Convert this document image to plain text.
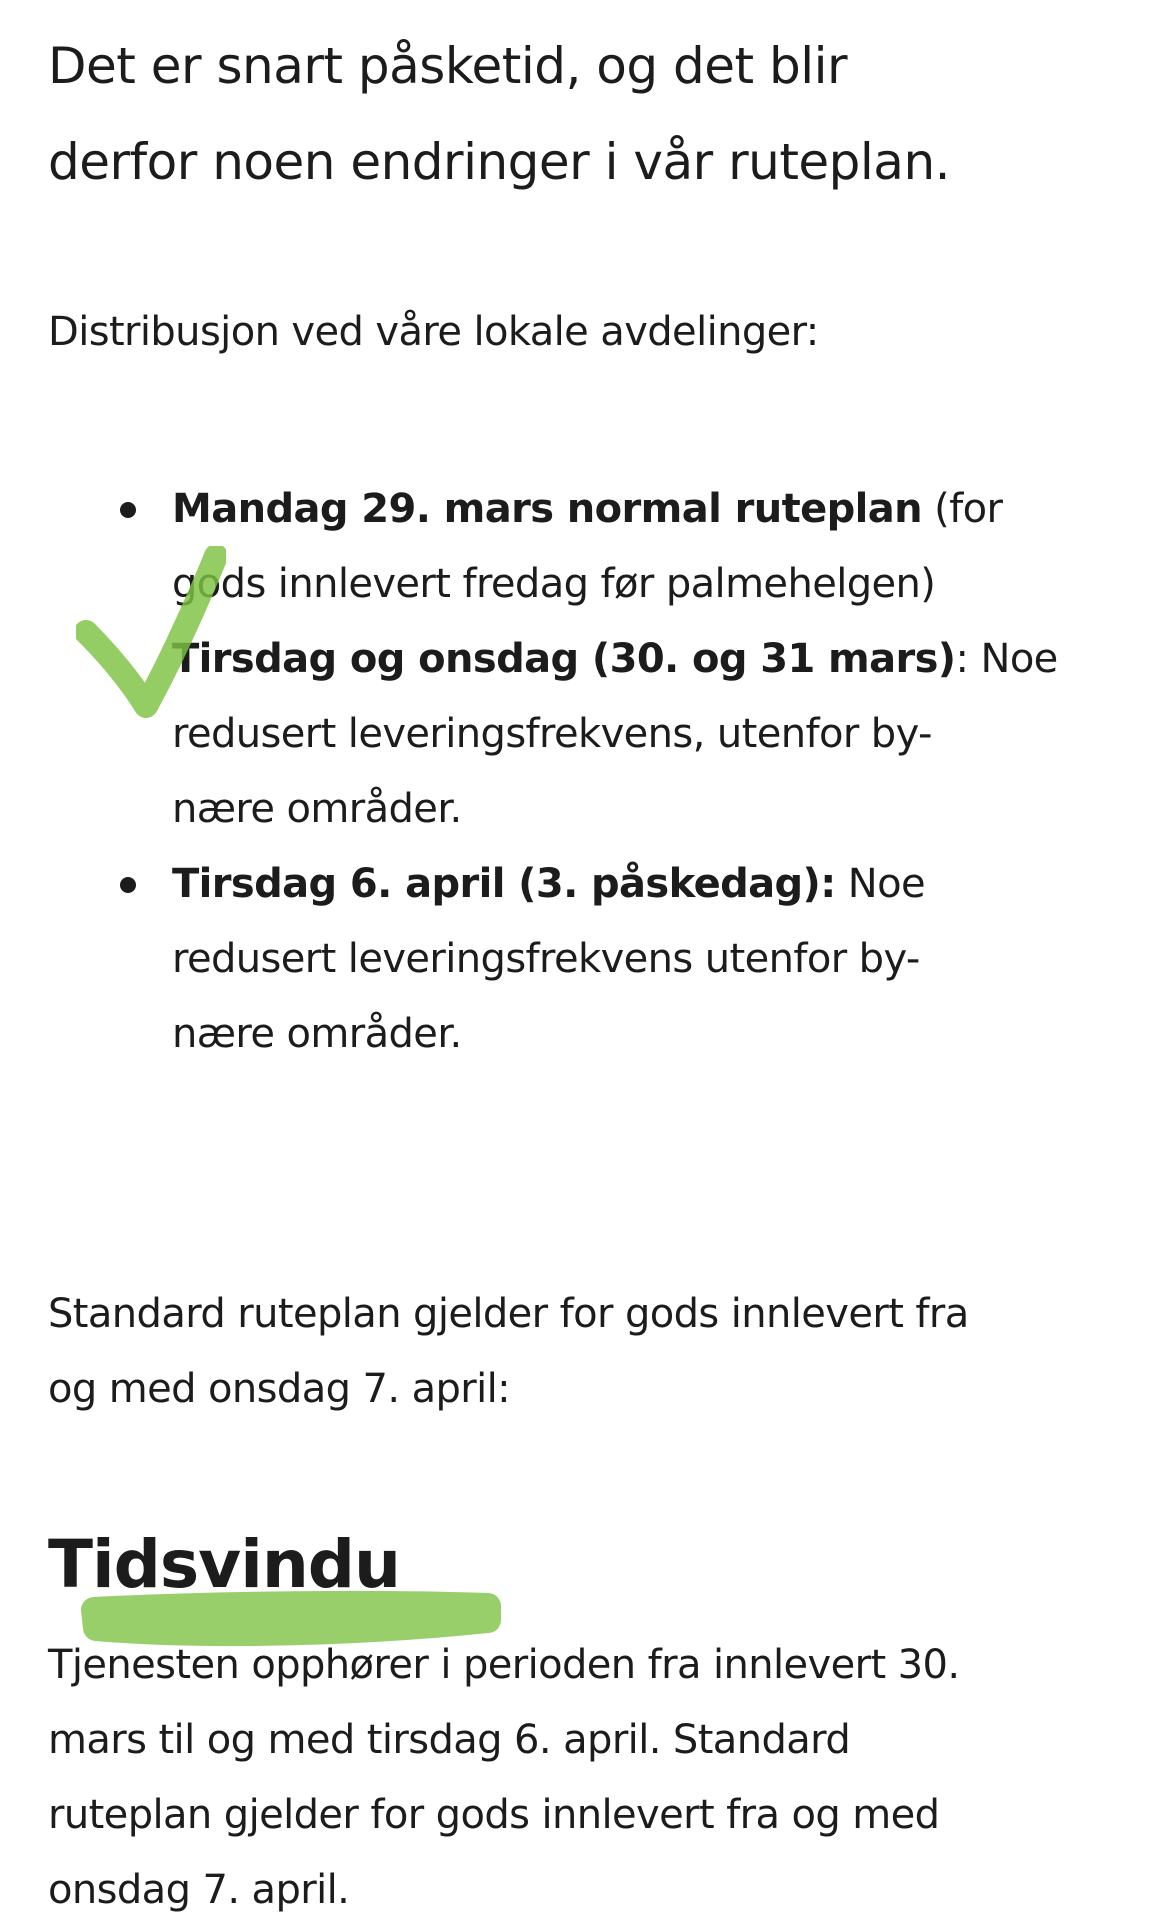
Det er snart påsketid, og det blir
derfor noen endringer i vår ruteplan.

Distribusjon ved våre lokale avdelinger:

Mandag 29. mars normal ruteplan (for
gods innlevert fredag før palmehelgen)
Tirsdag og onsdag (30. og 31 mars): Noe
redusert leveringsfrekvens, utenfor by-
nære områder.
Tirsdag 6. april (3. påskedag): Noe
redusert leveringsfrekvens utenfor by-
nære områder.

Standard ruteplan gjelder for gods innlevert fra
og med onsdag 7. april:

Tidsvindu

Tjenesten opphører i perioden fra innlevert 30.
mars til og med tirsdag 6. april. Standard
ruteplan gjelder for gods innlevert fra og med
onsdag 7. april.
